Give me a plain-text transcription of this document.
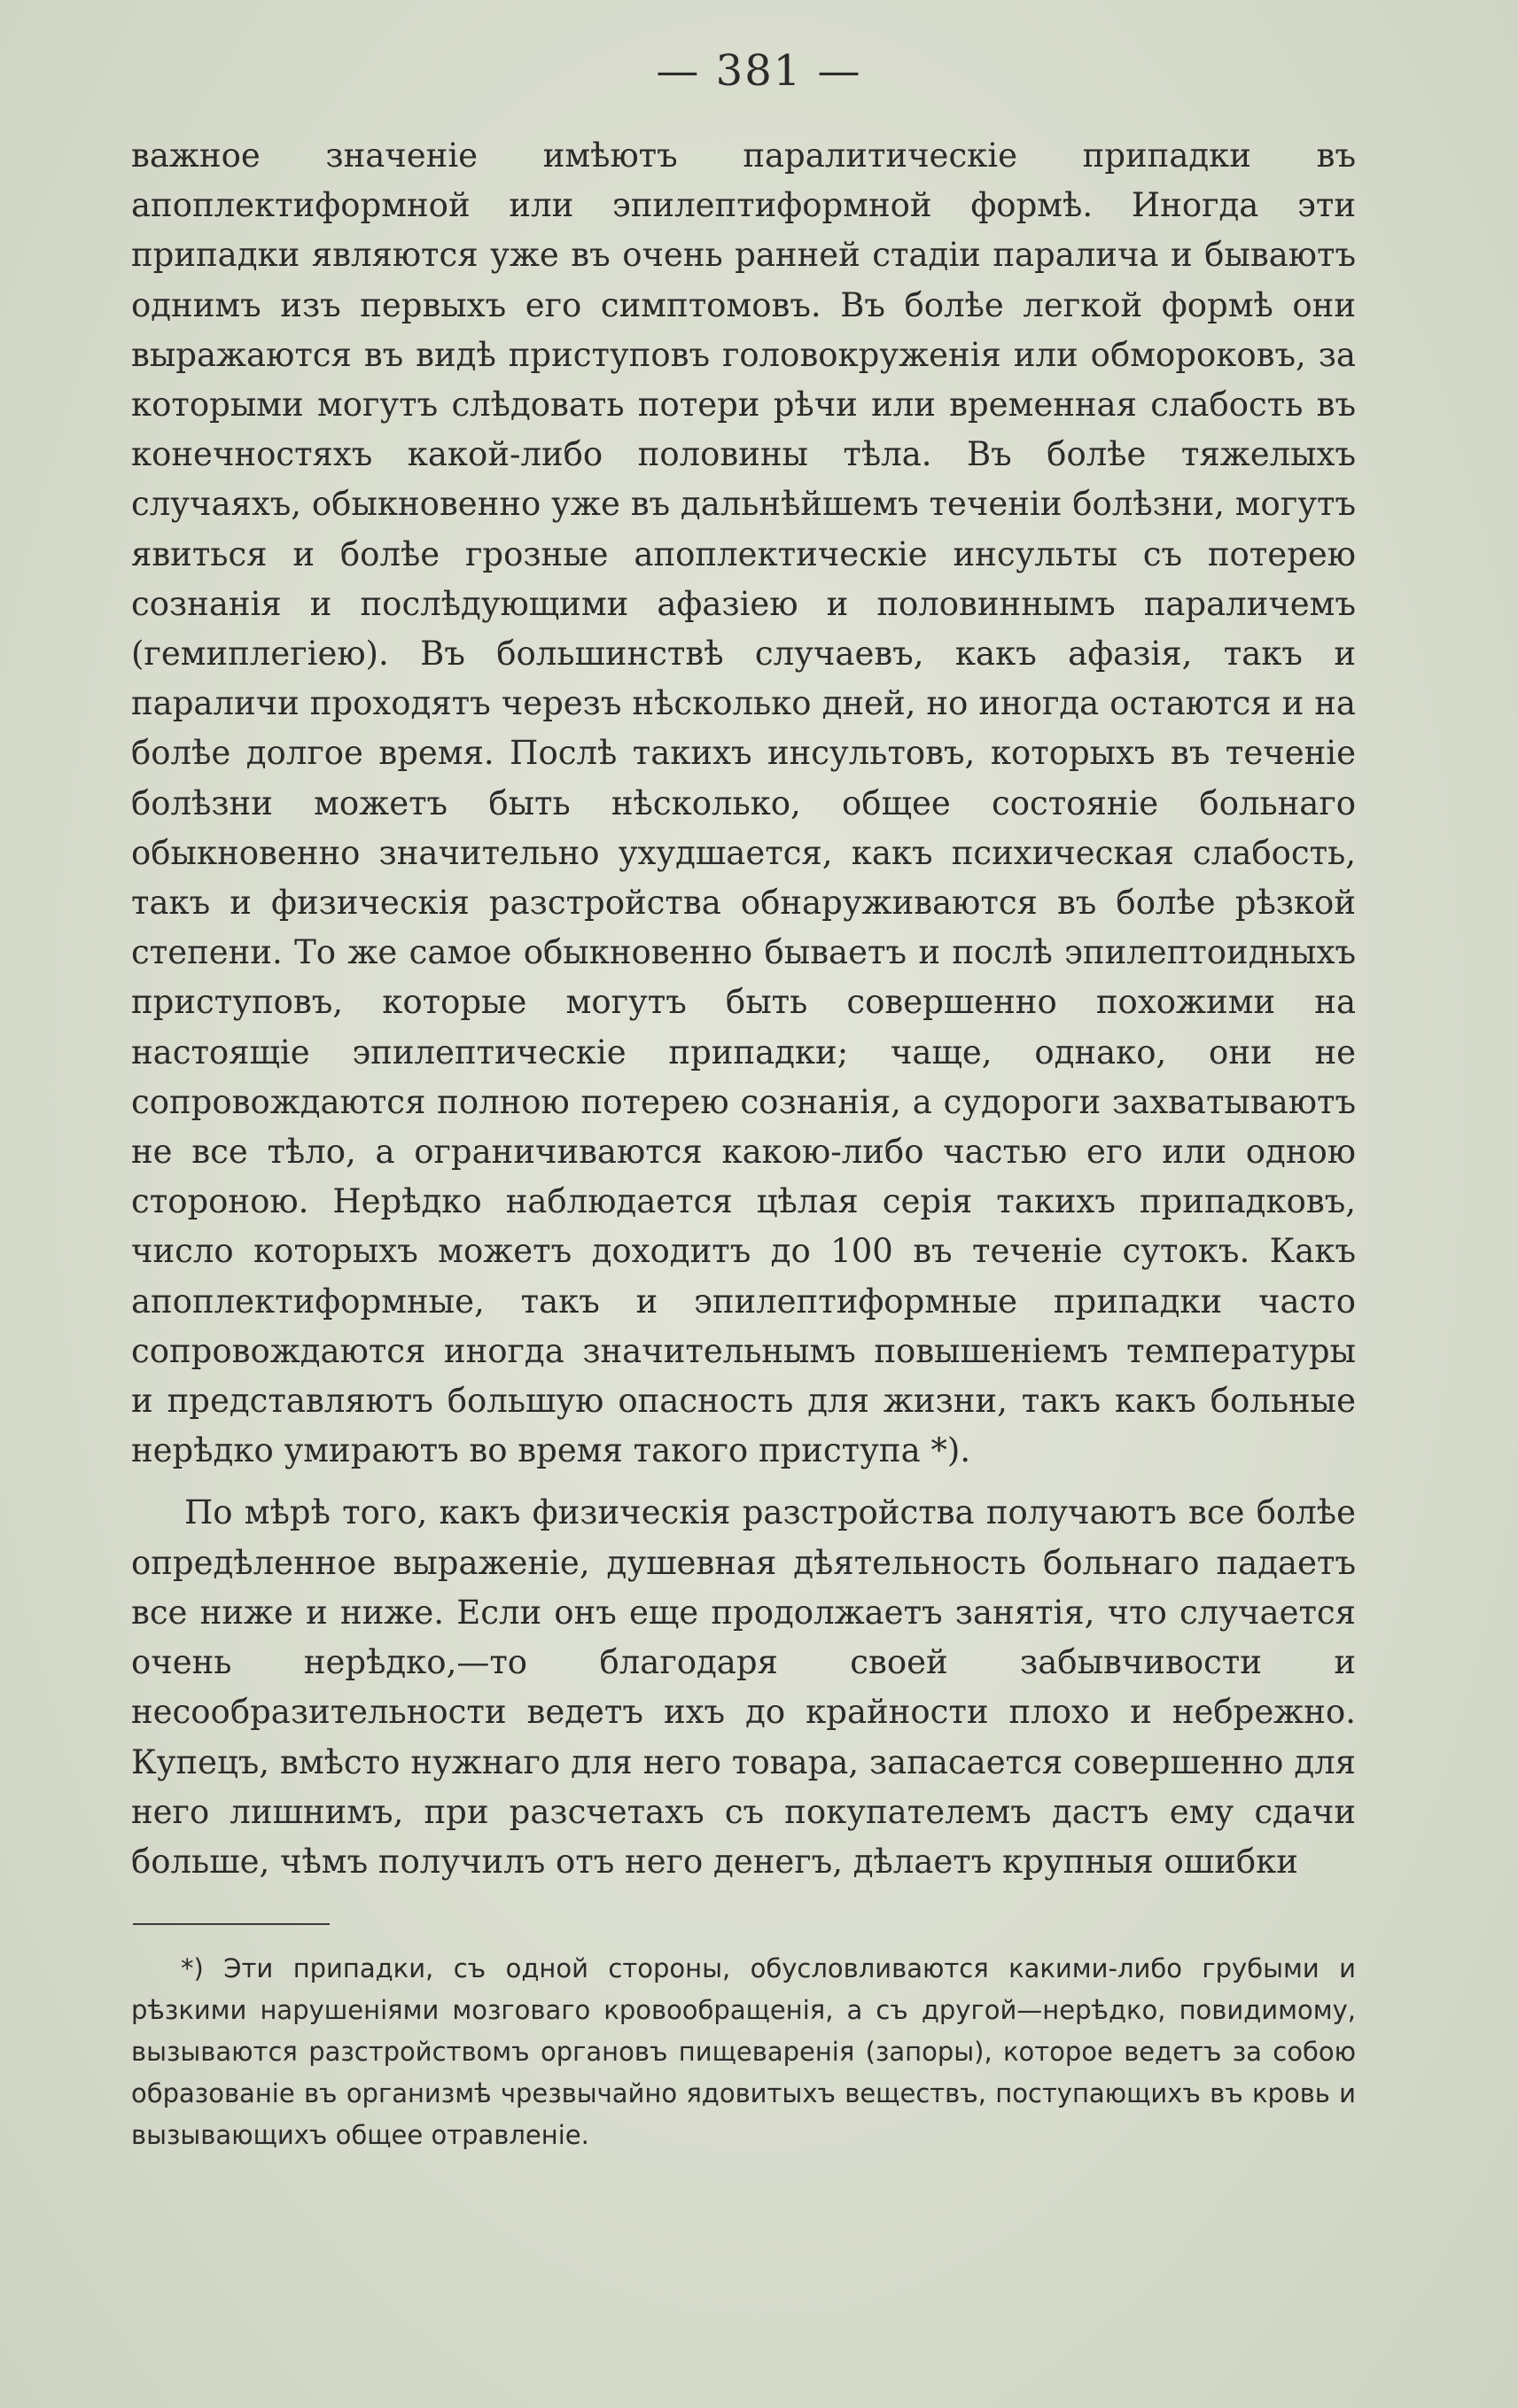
— 381 —

важное значеніе имѣютъ паралитическіе припадки въ апоплектиформной или эпилептиформной формѣ. Иногда эти припадки являются уже въ очень ранней стадіи паралича и бываютъ однимъ изъ первыхъ его симптомовъ. Въ болѣе легкой формѣ они выражаются въ видѣ приступовъ головокруженія или обмороковъ, за которыми могутъ слѣдовать потери рѣчи или временная слабость въ конечностяхъ какой-либо половины тѣла. Въ болѣе тяжелыхъ случаяхъ, обыкновенно уже въ дальнѣйшемъ теченіи болѣзни, могутъ явиться и болѣе грозные апоплектическіе инсульты съ потерею сознанія и послѣдующими афазіею и половиннымъ параличемъ (гемиплегіею). Въ большинствѣ случаевъ, какъ афазія, такъ и параличи проходятъ черезъ нѣсколько дней, но иногда остаются и на болѣе долгое время. Послѣ такихъ инсультовъ, которыхъ въ теченіе болѣзни можетъ быть нѣсколько, общее состояніе больнаго обыкновенно значительно ухудшается, какъ психическая слабость, такъ и физическія разстройства обнаруживаются въ болѣе рѣзкой степени. То же самое обыкновенно бываетъ и послѣ эпилептоидныхъ приступовъ, которые могутъ быть совершенно похожими на настоящіе эпилептическіе припадки; чаще, однако, они не сопровождаются полною потерею сознанія, а судороги захватываютъ не все тѣло, а ограничиваются какою-либо частью его или одною стороною. Нерѣдко наблюдается цѣлая серія такихъ припадковъ, число которыхъ можетъ доходитъ до 100 въ теченіе сутокъ. Какъ апоплектиформные, такъ и эпилептиформные припадки часто сопровождаются иногда значительнымъ повышеніемъ температуры и представляютъ большую опасность для жизни, такъ какъ больные нерѣдко умираютъ во время такого приступа *).

По мѣрѣ того, какъ физическія разстройства получаютъ все болѣе опредѣленное выраженіе, душевная дѣятельность больнаго падаетъ все ниже и ниже. Если онъ еще продолжаетъ занятія, что случается очень нерѣдко,—то благодаря своей забывчивости и несообразительности ведетъ ихъ до крайности плохо и небрежно. Купецъ, вмѣсто нужнаго для него товара, запасается совершенно для него лишнимъ, при разсчетахъ съ покупателемъ дастъ ему сдачи больше, чѣмъ получилъ отъ него денегъ, дѣлаетъ крупныя ошибки

*) Эти припадки, съ одной стороны, обусловливаются какими-либо грубыми и рѣзкими нарушеніями мозговаго кровообращенія, а съ другой—нерѣдко, повидимому, вызываются разстройствомъ органовъ пищеваренія (запоры), которое ведетъ за собою образованіе въ организмѣ чрезвычайно ядовитыхъ веществъ, поступающихъ въ кровь и вызывающихъ общее отравленіе.
